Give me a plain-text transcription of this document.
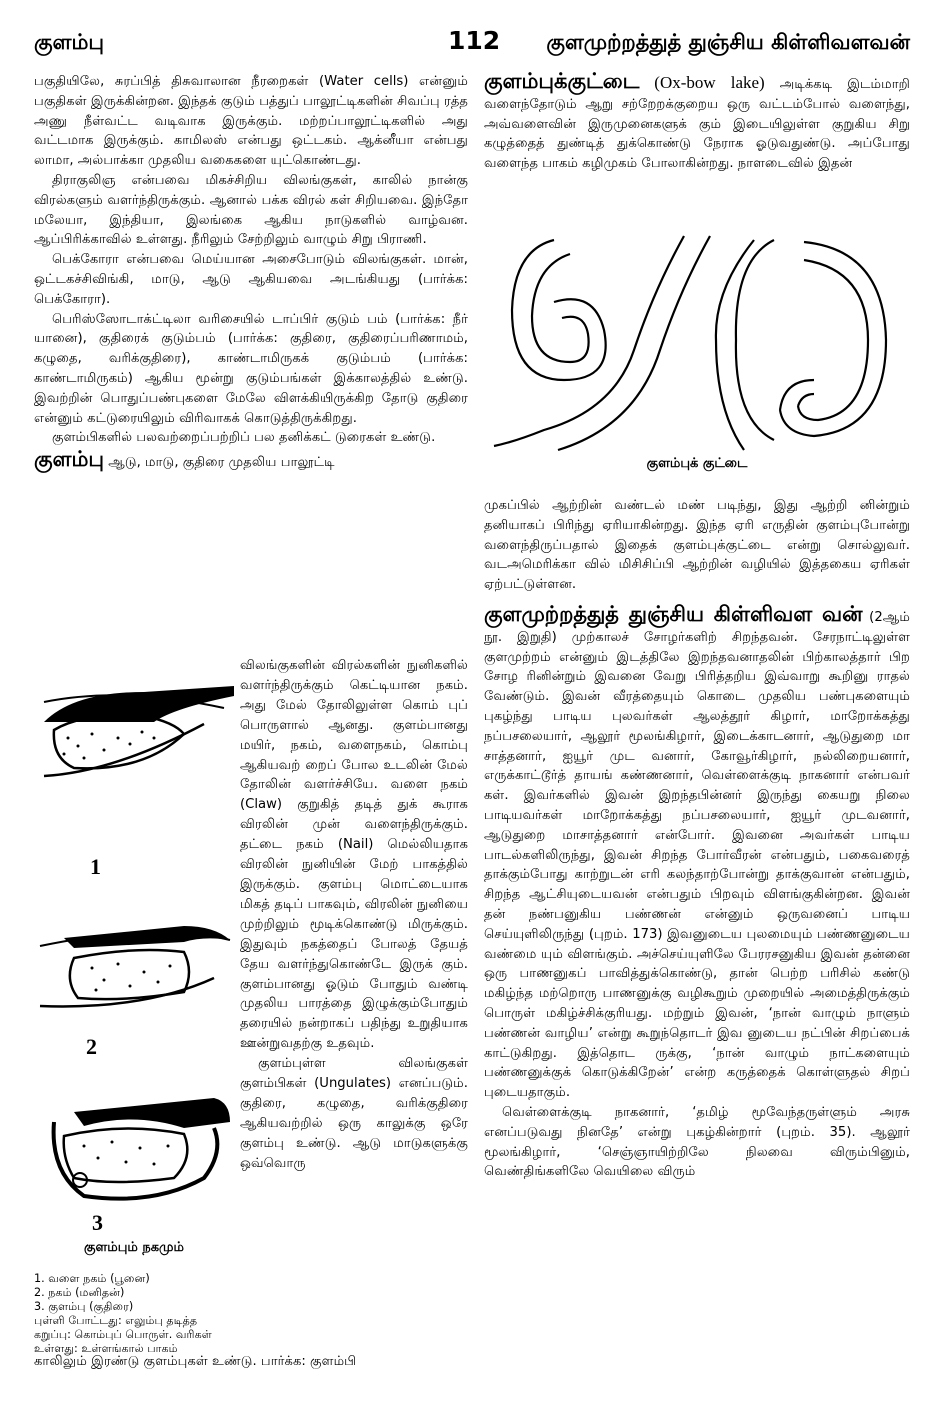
குளம்பு	112 குளமுற்றத்துத் துஞ்சிய கிள்ளிவளவன்

பகுதியிலே, சுரப்பித் திசுவாலான நீரறைகள் (Water cells) என்னும் பகுதிகள் இருக்கின்றன. இந்தக் குடும் பத்துப் பாலூட்டிகளின் சிவப்பு ரத்த அணு நீள்வட்ட வடிவாக இருக்கும். மற்றப்பாலூட்டிகளில் அது வட்டமாக இருக்கும். காமிலஸ் என்பது ஒட்டகம். ஆக்னீயா என்பது லாமா, அல்பாக்கா முதலிய வகைகளை யுட்கொண்டது.

திராகுலிஞ என்பவை மிகச்சிறிய விலங்குகள், காலில் நான்கு விரல்களும் வளர்ந்திருக்கும். ஆனால் பக்க விரல் கள் சிறியவை. இந்தோ மலேயா, இந்தியா, இலங்கை ஆகிய நாடுகளில் வாழ்வன. ஆப்பிரிக்காவில் உள்ளது. நீரிலும் சேற்றிலும் வாழும் சிறு பிராணி.

பெக்கோரா என்பவை மெய்யான அசைபோடும் விலங்குகள். மான், ஒட்டகச்சிவிங்கி, மாடு, ஆடு ஆகியவை அடங்கியது (பார்க்க: பெக்கோரா).

பெரிஸ்ஸோடாக்ட்டிலா வரிசையில் டாப்பிர் குடும் பம் (பார்க்க: நீர் யானை), குதிரைக் குடும்பம் (பார்க்க: குதிரை, குதிரைப்பரிணாமம், கழுதை, வரிக்குதிரை), காண்டாமிருகக் குடும்பம் (பார்க்க: காண்டாமிருகம்) ஆகிய மூன்று குடும்பங்கள் இக்காலத்தில் உண்டு. இவற்றின் பொதுப்பண்புகளை மேலே விளக்கியிருக்கிற தோடு குதிரை என்னும் கட்டுரையிலும் விரிவாகக் கொடுத்திருக்கிறது.

குளம்பிகளில் பலவற்றைப்பற்றிப் பல தனிக்கட் டுரைகள் உண்டு.

குளம்பு ஆடு, மாடு, குதிரை முதலிய பாலூட்டி

1
2
3
குளம்பும் நகமும்
1. வளை நகம் (பூனை)
2. நகம் (மனிதன்)
3. குளம்பு (குதிரை)
புள்ளி போட்டது: எலும்பு தடித்த கறுப்பு: கொம்புப் பொருள். வரிகள் உள்ளது: உள்ளங்கால் பாகம்

விலங்குகளின் விரல்களின் நுனிகளில் வளர்ந்திருக்கும் கெட்டியான நகம். அது மேல் தோலிலுள்ள கொம் புப் பொருளால் ஆனது. குளம்பானது மயிர், நகம், வளைநகம், கொம்பு ஆகியவற் றைப் போல உடலின் மேல் தோலின் வளர்ச்சியே. வளை நகம் (Claw) குறுகித் தடித் துக் கூராக விரலின் முன் வளைந்திருக்கும். தட்டை நகம் (Nail) மெல்லியதாக விரலின் நுனியின் மேற் பாகத்தில் இருக்கும். குளம்பு மொட்டையாக மிகத் தடிப் பாகவும், விரலின் நுனியை முற்றிலும் மூடிக்கொண்டு மிருக்கும். இதுவும் நகத்தைப் போலத் தேயத் தேய வளர்ந்துகொண்டே இருக் கும். குளம்பானது ஓடும் போதும் வண்டி முதலிய பாரத்தை இழுக்கும்போதும் தரையில் நன்றாகப் பதிந்து உறுதியாக ஊன்றுவதற்கு உதவும்.

குளம்புள்ள விலங்குகள் குளம்பிகள் (Ungulates) எனப்படும். குதிரை, கழுதை, வரிக்குதிரை ஆகியவற்றில் ஒரு காலுக்கு ஒரே குளம்பு உண்டு. ஆடு மாடுகளுக்கு ஒவ்வொரு

காலிலும் இரண்டு குளம்புகள் உண்டு. பார்க்க: குளம்பி

குளம்புக்குட்டை (Ox-bow lake) அடிக்கடி இடம்மாறி வளைந்தோடும் ஆறு சற்றேறக்குறைய ஒரு வட்டம்போல் வளைந்து, அவ்வளைவின் இருமுனைகளுக் கும் இடையிலுள்ள குறுகிய சிறு கழுத்தைத் துண்டித் துக்கொண்டு நேராக ஓடுவதுண்டு. அப்போது வளைந்த பாகம் கழிமுகம் போலாகின்றது. நாளடைவில் இதன்

குளம்புக் குட்டை

முகப்பில் ஆற்றின் வண்டல் மண் படிந்து, இது ஆற்றி னின்றும் தனியாகப் பிரிந்து ஏரியாகின்றது. இந்த ஏரி எருதின் குளம்புபோன்று வளைந்திருப்பதால் இதைக் குளம்புக்குட்டை என்று சொல்லுவர். வடஅமெரிக்கா வில் மிசிசிப்பி ஆற்றின் வழியில் இத்தகைய ஏரிகள் ஏற்பட்டுள்ளன.

குளமுற்றத்துத் துஞ்சிய கிள்ளிவள வன் (2ஆம் நூ. இறுதி) முற்காலச் சோழர்களிற் சிறந்தவன். சேரநாட்டிலுள்ள குளமுற்றம் என்னும் இடத்திலே இறந்தவனாதலின் பிற்காலத்தார் பிற சோழ ரினின்றும் இவனை வேறு பிரித்தறிய இவ்வாறு கூறினு ராதல் வேண்டும். இவன் வீரத்தையும் கொடை முதலிய பண்புகளையும் புகழ்ந்து பாடிய புலவர்கள் ஆலத்தூர் கிழார், மாறோக்கத்து நப்பசலையார், ஆலூர் மூலங்கிழார், இடைக்காடனார், ஆடுதுறை மா சாத்தனார், ஐயூர் முட வனார், கோவூர்கிழார், நல்லிறையனார், எருக்காட்டூர்த் தாயங் கண்ணனார், வெள்ளைக்குடி நாகனார் என்பவர் கள். இவர்களில் இவன் இறந்தபின்னர் இருந்து கையறு நிலை பாடியவர்கள் மாறோக்கத்து நப்பசலையார், ஐயூர் முடவனார், ஆடுதுறை மாசாத்தனார் என்போர். இவனை அவர்கள் பாடிய பாடல்களிலிருந்து, இவன் சிறந்த போர்வீரன் என்பதும், பகைவரைத் தாக்கும்போது காற்றுடன் எரி கலந்தாற்போன்று தாக்குவான் என்பதும், சிறந்த ஆட்சியுடையவன் என்பதும் பிறவும் விளங்குகின்றன. இவன் தன் நண்பனுகிய பண்ணன் என்னும் ஒருவனைப் பாடிய செய்யுளிலிருந்து (புறம். 173) இவனுடைய புலமையும் பண்ணனுடைய வண்மை யும் விளங்கும். அச்செய்யுளிலே பேரரசனுகிய இவன் தன்னை ஒரு பாணனுகப் பாவித்துக்கொண்டு, தான் பெற்ற பரிசில் கண்டு மகிழ்ந்த மற்றொரு பாணனுக்கு வழிகூறும் முறையில் அமைத்திருக்கும் பொருள் மகிழ்ச்சிக்குரியது. மற்றும் இவன், ‘நான் வாழும் நாளும் பண்ணன் வாழிய’ என்று கூறுந்தொடர் இவ னுடைய நட்பின் சிறப்பைக் காட்டுகிறது. இத்தொட ருக்கு, ‘நான் வாழும் நாட்களையும் பண்ணனுக்குக் கொடுக்கிறேன்’ என்ற கருத்தைக் கொள்ளுதல் சிறப் புடையதாகும்.

வெள்ளைக்குடி நாகனார், ‘தமிழ் மூவேந்தருள்ளும் அரசு எனப்படுவது நினதே’ என்று புகழ்கின்றார் (புறம். 35). ஆலூர் மூலங்கிழார், ‘செஞ்ஞாயிற்றிலே நிலவை விரும்பினும், வெண்திங்களிலே வெயிலை விரும்
